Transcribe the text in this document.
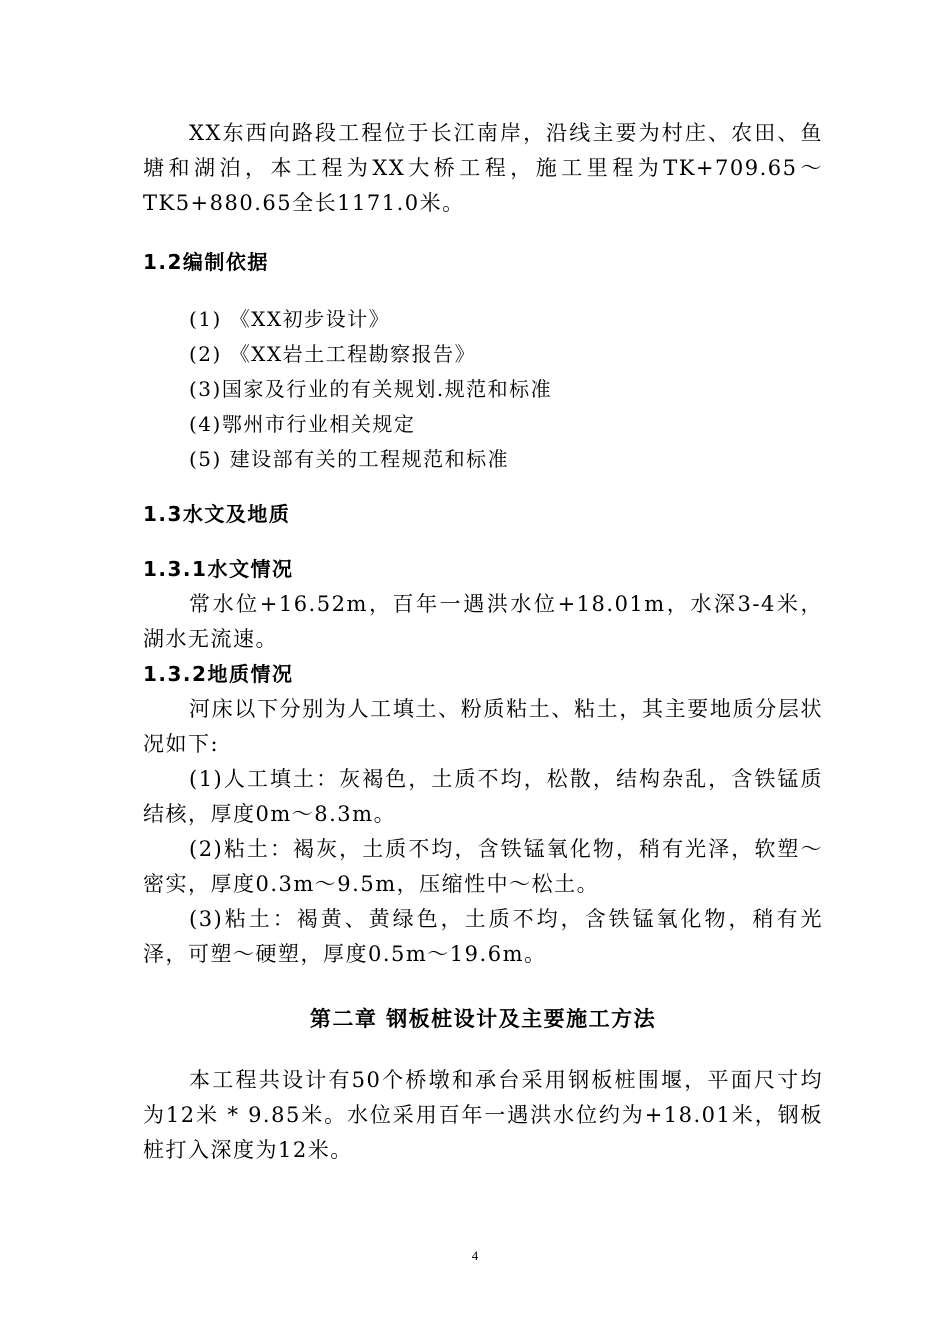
XX东西向路段工程位于长江南岸，沿线主要为村庄、农田、鱼塘和湖泊，本工程为XX大桥工程，施工里程为TK+709.65～TK5+880.65全长1171.0米。

1.2编制依据

(1) 《XX初步设计》
(2) 《XX岩土工程勘察报告》
(3)国家及行业的有关规划.规范和标准
(4)鄂州市行业相关规定
(5) 建设部有关的工程规范和标准

1.3水文及地质

1.3.1水文情况

常水位+16.52m，百年一遇洪水位+18.01m，水深3-4米，湖水无流速。

1.3.2地质情况

河床以下分别为人工填土、粉质粘土、粘土，其主要地质分层状况如下:

(1)人工填土：灰褐色，土质不均，松散，结构杂乱，含铁锰质结核，厚度0m～8.3m。

(2)粘土：褐灰，土质不均，含铁锰氧化物，稍有光泽，软塑～密实，厚度0.3m～9.5m，压缩性中～松土。

(3)粘土：褐黄、黄绿色，土质不均，含铁锰氧化物，稍有光泽，可塑～硬塑，厚度0.5m～19.6m。

第二章 钢板桩设计及主要施工方法

本工程共设计有50个桥墩和承台采用钢板桩围堰，平面尺寸均为12米 * 9.85米。水位采用百年一遇洪水位约为+18.01米，钢板桩打入深度为12米。

4
